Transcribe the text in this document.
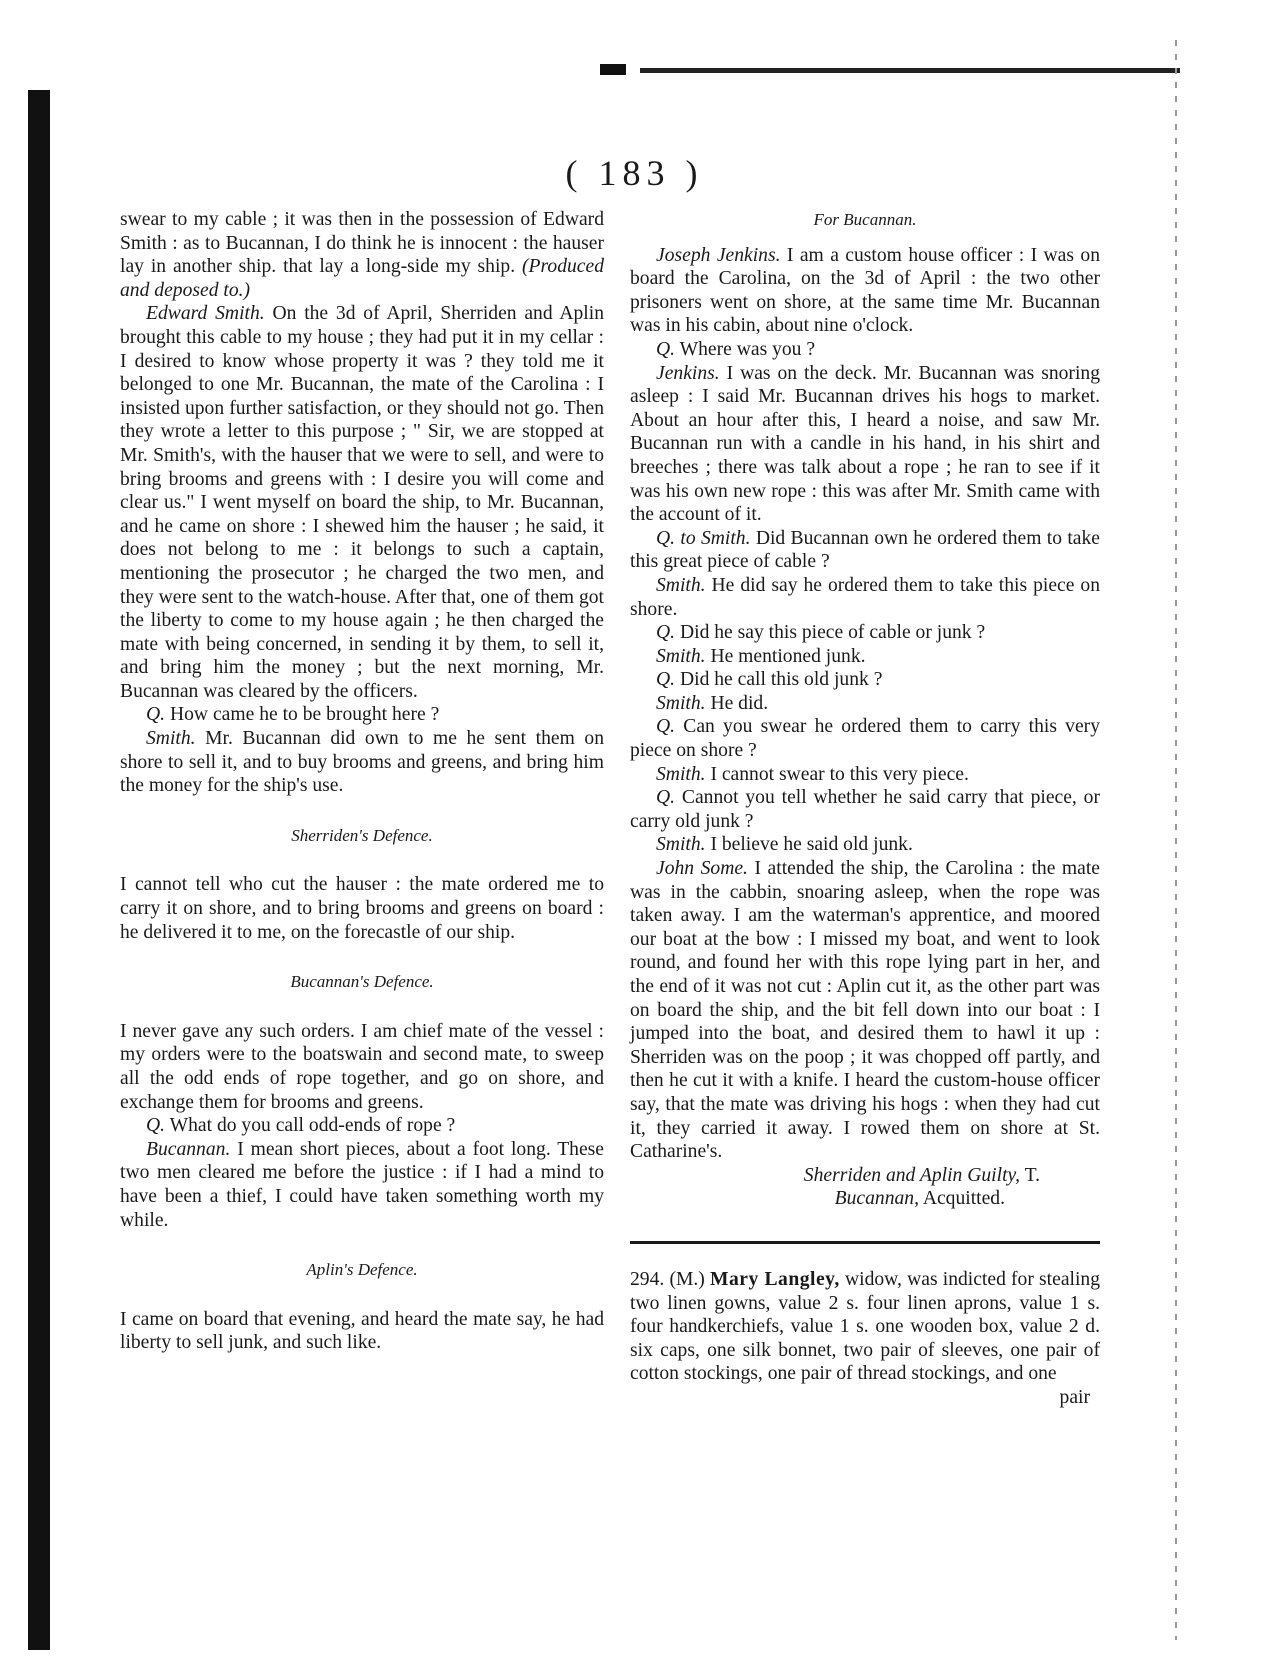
( 183 )

swear to my cable ; it was then in the possession of Edward Smith : as to Bucannan, I do think he is innocent : the hauser lay in another ship. that lay a long-side my ship. (Produced and deposed to.)

Edward Smith. On the 3d of April, Sherriden and Aplin brought this cable to my house ; they had put it in my cellar : I desired to know whose property it was ? they told me it belonged to one Mr. Bucannan, the mate of the Carolina : I insisted upon further satisfaction, or they should not go. Then they wrote a letter to this purpose ; " Sir, we are stopped at Mr. Smith's, with the hauser that we were to sell, and were to bring brooms and greens with : I desire you will come and clear us." I went myself on board the ship, to Mr. Bucannan, and he came on shore : I shewed him the hauser ; he said, it does not belong to me : it belongs to such a captain, mentioning the prosecutor ; he charged the two men, and they were sent to the watch-house. After that, one of them got the liberty to come to my house again ; he then charged the mate with being concerned, in sending it by them, to sell it, and bring him the money ; but the next morning, Mr. Bucannan was cleared by the officers.

Q. How came he to be brought here ?

Smith. Mr. Bucannan did own to me he sent them on shore to sell it, and to buy brooms and greens, and bring him the money for the ship's use.

Sherriden's Defence.

I cannot tell who cut the hauser : the mate ordered me to carry it on shore, and to bring brooms and greens on board : he delivered it to me, on the forecastle of our ship.

Bucannan's Defence.

I never gave any such orders. I am chief mate of the vessel : my orders were to the boatswain and second mate, to sweep all the odd ends of rope together, and go on shore, and exchange them for brooms and greens.

Q. What do you call odd-ends of rope ?

Bucannan. I mean short pieces, about a foot long. These two men cleared me before the justice : if I had a mind to have been a thief, I could have taken something worth my while.

Aplin's Defence.

I came on board that evening, and heard the mate say, he had liberty to sell junk, and such like.

For Bucannan.

Joseph Jenkins. I am a custom house officer : I was on board the Carolina, on the 3d of April : the two other prisoners went on shore, at the same time Mr. Bucannan was in his cabin, about nine o'clock.

Q. Where was you ?

Jenkins. I was on the deck. Mr. Bucannan was snoring asleep : I said Mr. Bucannan drives his hogs to market. About an hour after this, I heard a noise, and saw Mr. Bucannan run with a candle in his hand, in his shirt and breeches ; there was talk about a rope ; he ran to see if it was his own new rope : this was after Mr. Smith came with the account of it.

Q. to Smith. Did Bucannan own he ordered them to take this great piece of cable ?

Smith. He did say he ordered them to take this piece on shore.

Q. Did he say this piece of cable or junk ?

Smith. He mentioned junk.

Q. Did he call this old junk ?

Smith. He did.

Q. Can you swear he ordered them to carry this very piece on shore ?

Smith. I cannot swear to this very piece.

Q. Cannot you tell whether he said carry that piece, or carry old junk ?

Smith. I believe he said old junk.

John Some. I attended the ship, the Carolina : the mate was in the cabbin, snoaring asleep, when the rope was taken away. I am the waterman's apprentice, and moored our boat at the bow : I missed my boat, and went to look round, and found her with this rope lying part in her, and the end of it was not cut : Aplin cut it, as the other part was on board the ship, and the bit fell down into our boat : I jumped into the boat, and desired them to hawl it up : Sherriden was on the poop ; it was chopped off partly, and then he cut it with a knife. I heard the custom-house officer say, that the mate was driving his hogs : when they had cut it, they carried it away. I rowed them on shore at St. Catharine's.

Sherriden and Aplin Guilty, T.

Bucannan, Acquitted.

294. (M.) Mary Langley, widow, was indicted for stealing two linen gowns, value 2 s. four linen aprons, value 1 s. four handkerchiefs, value 1 s. one wooden box, value 2 d. six caps, one silk bonnet, two pair of sleeves, one pair of cotton stockings, one pair of thread stockings, and one

pair
